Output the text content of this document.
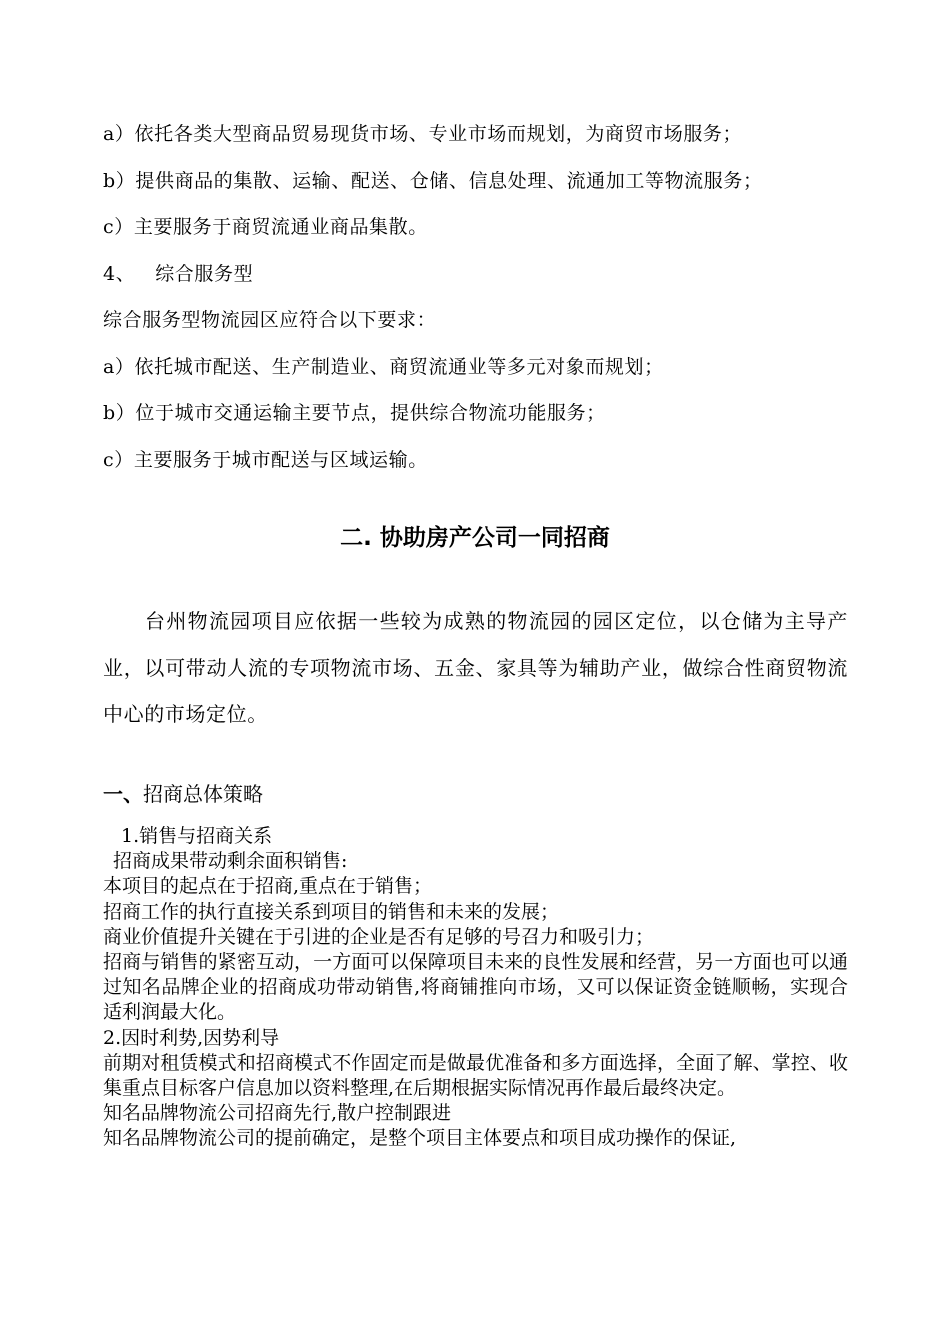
a）依托各类大型商品贸易现货市场、专业市场而规划，为商贸市场服务；
b）提供商品的集散、运输、配送、仓储、信息处理、流通加工等物流服务；
c）主要服务于商贸流通业商品集散。
4、   综合服务型
综合服务型物流园区应符合以下要求：
a）依托城市配送、生产制造业、商贸流通业等多元对象而规划；
b）位于城市交通运输主要节点，提供综合物流功能服务；
c）主要服务于城市配送与区域运输。
二. 协助房产公司一同招商
台州物流园项目应依据一些较为成熟的物流园的园区定位，以仓储为主导产业，以可带动人流的专项物流市场、五金、家具等为辅助产业，做综合性商贸物流中心的市场定位。
一、招商总体策略
1.销售与招商关系
招商成果带动剩余面积销售:
本项目的起点在于招商,重点在于销售；
招商工作的执行直接关系到项目的销售和未来的发展；
商业价值提升关键在于引进的企业是否有足够的号召力和吸引力；
招商与销售的紧密互动，一方面可以保障项目未来的良性发展和经营，另一方面也可以通过知名品牌企业的招商成功带动销售,将商铺推向市场，又可以保证资金链顺畅，实现合适利润最大化。
2.因时利势,因势利导
前期对租赁模式和招商模式不作固定而是做最优准备和多方面选择，全面了解、掌控、收集重点目标客户信息加以资料整理,在后期根据实际情况再作最后最终决定。
知名品牌物流公司招商先行,散户控制跟进
知名品牌物流公司的提前确定，是整个项目主体要点和项目成功操作的保证,
